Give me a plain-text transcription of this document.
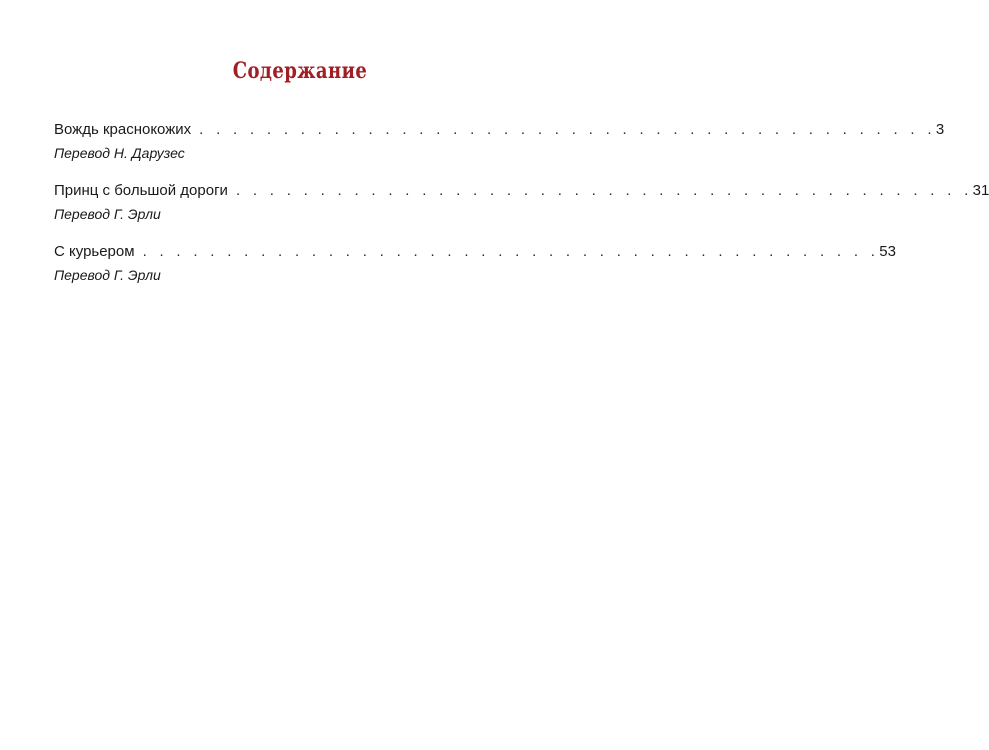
Содержание
Вождь краснокожих . . . . . . . . . . . . . . . . . . . . . . . . . . . . . . . . . . . . . . . . . . . . 3
Перевод Н. Дарузес
Принц с большой дороги . . . . . . . . . . . . . . . . . . . . . . . . . . . . . . . . . . . . . . . . . . . . 31
Перевод Г. Эрли
С курьером . . . . . . . . . . . . . . . . . . . . . . . . . . . . . . . . . . . . . . . . . . . . 53
Перевод Г. Эрли
